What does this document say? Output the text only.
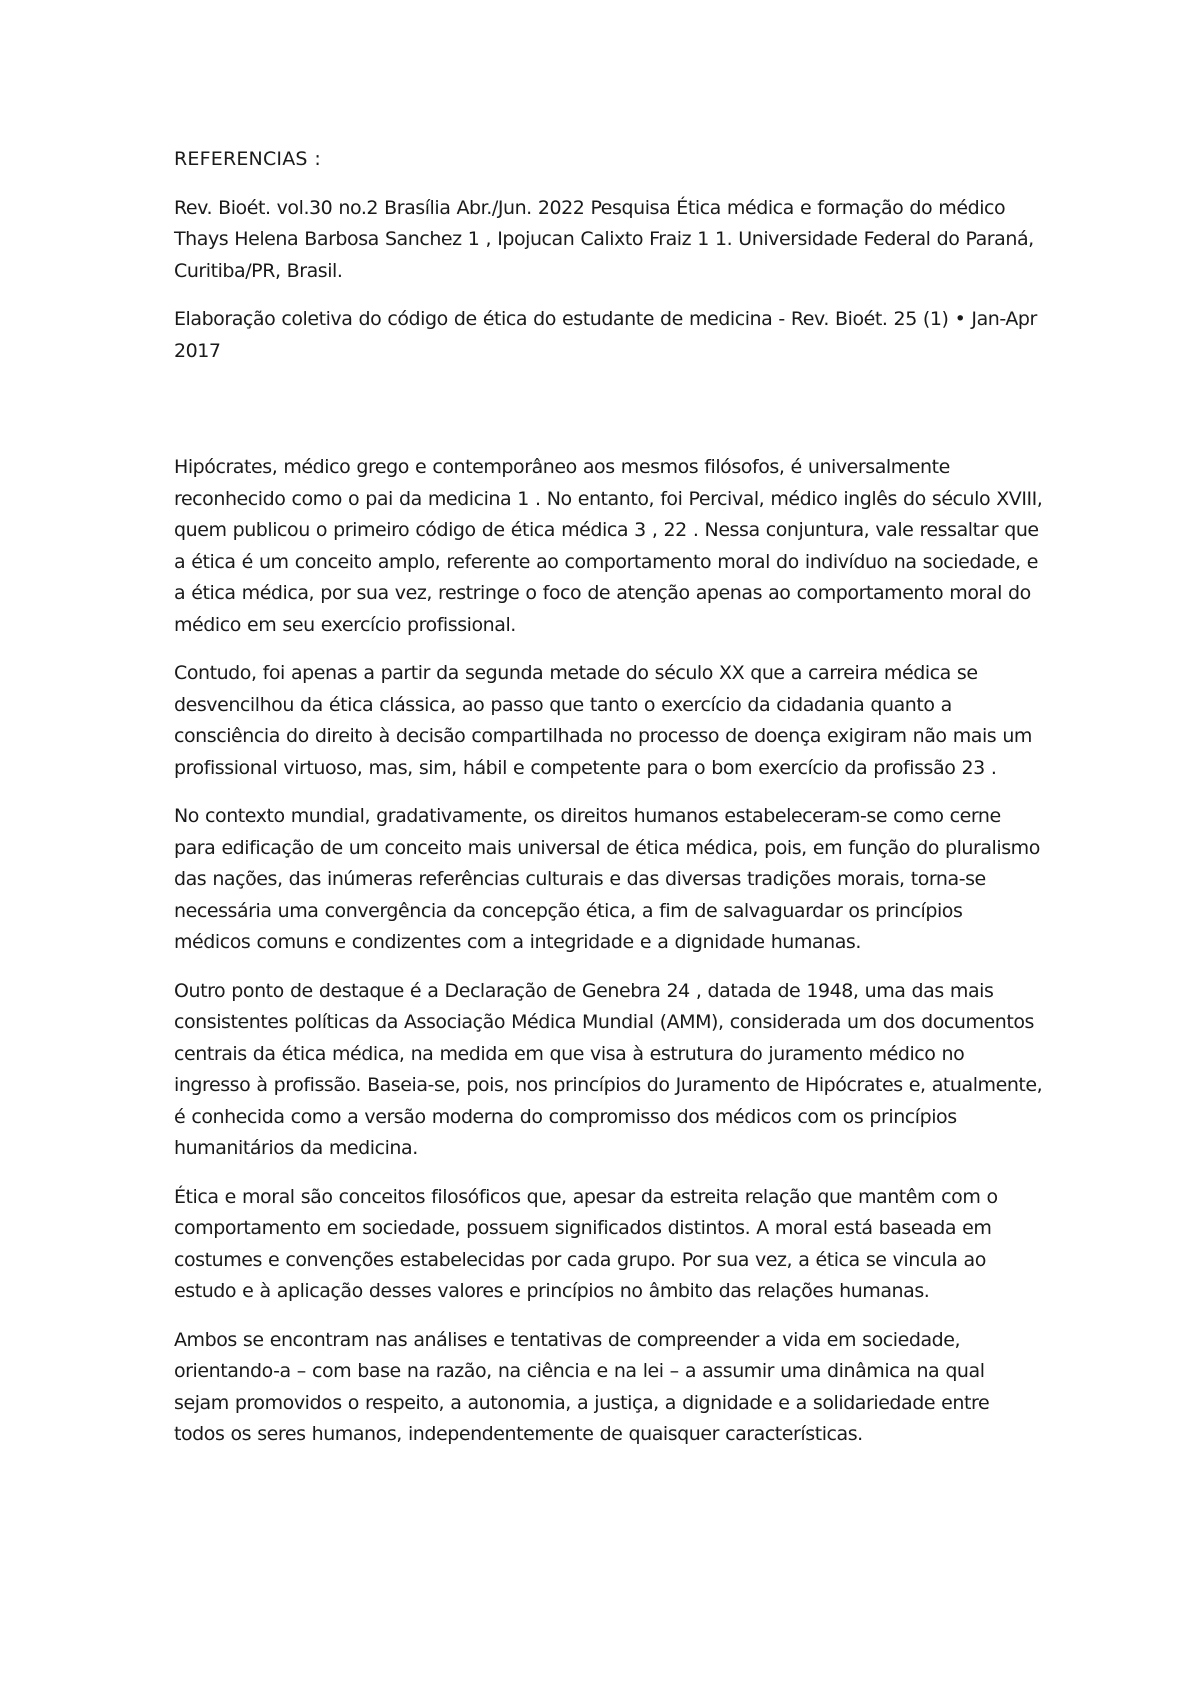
REFERENCIAS :

Rev. Bioét. vol.30 no.2 Brasília Abr./Jun. 2022 Pesquisa Ética médica e formação do médico Thays Helena Barbosa Sanchez 1 , Ipojucan Calixto Fraiz 1 1. Universidade Federal do Paraná, Curitiba/PR, Brasil.

Elaboração coletiva do código de ética do estudante de medicina - Rev. Bioét. 25 (1) • Jan-Apr 2017

Hipócrates, médico grego e contemporâneo aos mesmos filósofos, é universalmente reconhecido como o pai da medicina 1 . No entanto, foi Percival, médico inglês do século XVIII, quem publicou o primeiro código de ética médica 3 , 22 . Nessa conjuntura, vale ressaltar que a ética é um conceito amplo, referente ao comportamento moral do indivíduo na sociedade, e a ética médica, por sua vez, restringe o foco de atenção apenas ao comportamento moral do médico em seu exercício profissional.

Contudo, foi apenas a partir da segunda metade do século XX que a carreira médica se desvencilhou da ética clássica, ao passo que tanto o exercício da cidadania quanto a consciência do direito à decisão compartilhada no processo de doença exigiram não mais um profissional virtuoso, mas, sim, hábil e competente para o bom exercício da profissão 23 .

No contexto mundial, gradativamente, os direitos humanos estabeleceram-se como cerne para edificação de um conceito mais universal de ética médica, pois, em função do pluralismo das nações, das inúmeras referências culturais e das diversas tradições morais, torna-se necessária uma convergência da concepção ética, a fim de salvaguardar os princípios médicos comuns e condizentes com a integridade e a dignidade humanas.

Outro ponto de destaque é a Declaração de Genebra 24 , datada de 1948, uma das mais consistentes políticas da Associação Médica Mundial (AMM), considerada um dos documentos centrais da ética médica, na medida em que visa à estrutura do juramento médico no ingresso à profissão. Baseia-se, pois, nos princípios do Juramento de Hipócrates e, atualmente, é conhecida como a versão moderna do compromisso dos médicos com os princípios humanitários da medicina.

Ética e moral são conceitos filosóficos que, apesar da estreita relação que mantêm com o comportamento em sociedade, possuem significados distintos. A moral está baseada em costumes e convenções estabelecidas por cada grupo. Por sua vez, a ética se vincula ao estudo e à aplicação desses valores e princípios no âmbito das relações humanas.

Ambos se encontram nas análises e tentativas de compreender a vida em sociedade, orientando-a – com base na razão, na ciência e na lei – a assumir uma dinâmica na qual sejam promovidos o respeito, a autonomia, a justiça, a dignidade e a solidariedade entre todos os seres humanos, independentemente de quaisquer características.
